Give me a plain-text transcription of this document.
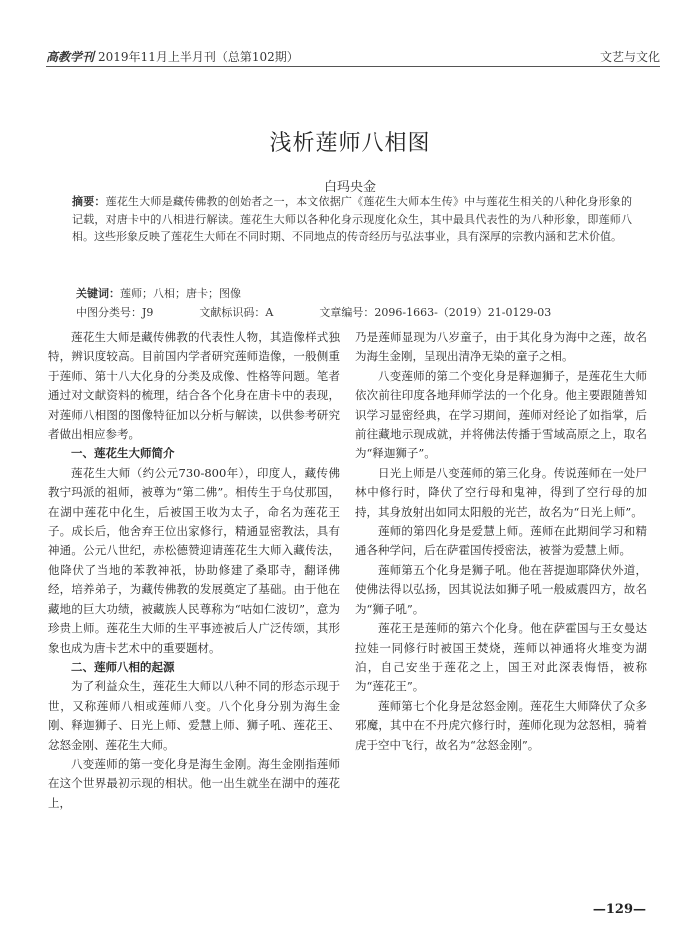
高教学刊 2019年11月上半月刊（总第102期）	文艺与文化
浅析莲师八相图
白玛央金
摘要：莲花生大师是藏传佛教的创始者之一，本文依据广《莲花生大师本生传》中与莲花生相关的八种化身形象的记载，对唐卡中的八相进行解读。莲花生大师以各种化身示现度化众生，其中最具代表性的为八种形象，即莲师八相。这些形象反映了莲花生大师在不同时期、不同地点的传奇经历与弘法事业，具有深厚的宗教内涵和艺术价值。
关键词：莲师；八相；唐卡；图像
中图分类号：J9	文献标识码：A	文章编号：2096-1663-（2019）21-0129-03

莲花生大师是藏传佛教的代表性人物，其造像样式独特，辨识度较高。目前国内学者研究莲师造像，一般侧重于莲师、第十八大化身的分类及成像、性格等问题。笔者通过对文献资料的梳理，结合各个化身在唐卡中的表现，对莲师八相图的图像特征加以分析与解读，以供参考研究者做出相应参考。

一、莲花生大师简介

莲花生大师（约公元730-800年），印度人，藏传佛教宁玛派的祖师，被尊为“第二佛”。相传生于乌仗那国，在湖中莲花中化生，后被国王收为太子，命名为莲花王子。成长后，他舍弃王位出家修行，精通显密教法，具有神通。公元八世纪，赤松德赞迎请莲花生大师入藏传法，他降伏了当地的苯教神祇，协助修建了桑耶寺，翻译佛经，培养弟子，为藏传佛教的发展奠定了基础。由于他在藏地的巨大功绩，被藏族人民尊称为“咕如仁波切”，意为珍贵上师。莲花生大师的生平事迹被后人广泛传颂，其形象也成为唐卡艺术中的重要题材。

二、莲师八相的起源

为了利益众生，莲花生大师以八种不同的形态示现于世，又称莲师八相或莲师八变。八个化身分别为海生金刚、释迦狮子、日光上师、爱慧上师、狮子吼、莲花王、忿怒金刚、莲花生大师。

八变莲师的第一变化身是海生金刚。海生金刚指莲师在这个世界最初示现的相状。他一出生就坐在湖中的莲花上，

乃是莲师显现为八岁童子，由于其化身为海中之莲，故名为海生金刚，呈现出清净无染的童子之相。

八变莲师的第二个变化身是释迦狮子，是莲花生大师依次前往印度各地拜师学法的一个化身。他主要跟随善知识学习显密经典，在学习期间，莲师对经论了如指掌，后前往藏地示现成就，并将佛法传播于雪域高原之上，取名为“释迦狮子”。

日光上师是八变莲师的第三化身。传说莲师在一处尸林中修行时，降伏了空行母和鬼神，得到了空行母的加持，其身放射出如同太阳般的光芒，故名为“日光上师”。

莲师的第四化身是爱慧上师。莲师在此期间学习和精通各种学问，后在萨霍国传授密法，被誉为爱慧上师。

莲师第五个化身是狮子吼。他在菩提迦耶降伏外道，使佛法得以弘扬，因其说法如狮子吼一般威震四方，故名为“狮子吼”。

莲花王是莲师的第六个化身。他在萨霍国与王女曼达拉娃一同修行时被国王焚烧，莲师以神通将火堆变为湖泊，自己安坐于莲花之上，国王对此深表悔悟，被称为“莲花王”。

莲师第七个化身是忿怒金刚。莲花生大师降伏了众多邪魔，其中在不丹虎穴修行时，莲师化现为忿怒相，骑着虎于空中飞行，故名为“忿怒金刚”。

—129—
